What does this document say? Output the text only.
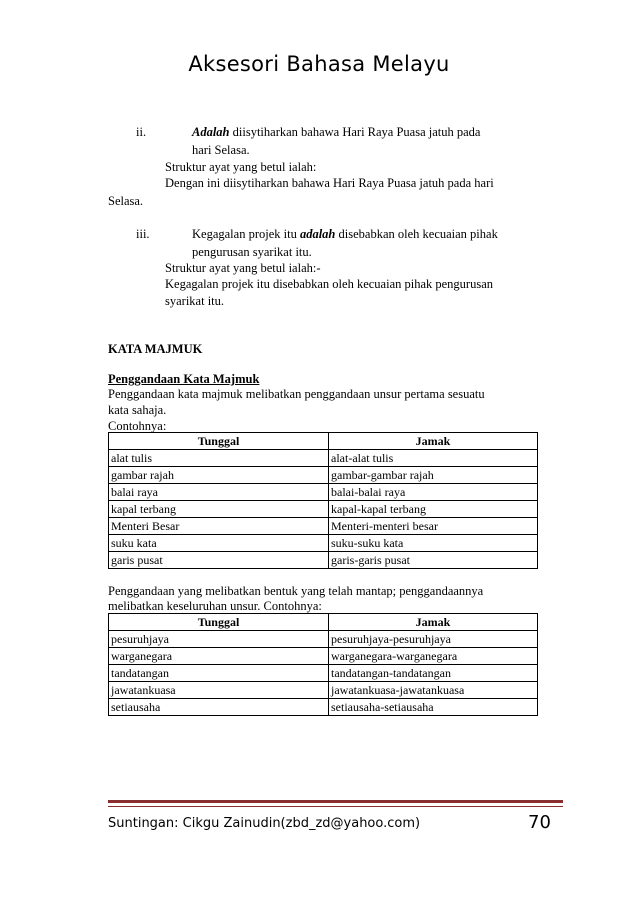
Aksesori Bahasa Melayu
ii.	Adalah diisytiharkan bahawa Hari Raya Puasa jatuh pada
hari Selasa.
Struktur ayat yang betul ialah:
Dengan ini diisytiharkan bahawa Hari Raya Puasa jatuh pada hari
Selasa.
iii.	Kegagalan projek itu adalah disebabkan oleh kecuaian pihak
pengurusan syarikat itu.
Struktur ayat yang betul ialah:-
Kegagalan projek itu disebabkan oleh kecuaian pihak pengurusan
syarikat itu.
KATA MAJMUK
Penggandaan Kata Majmuk
Penggandaan kata majmuk melibatkan penggandaan unsur pertama sesuatu
kata sahaja.
Contohnya:
Tunggal	Jamak
alat tulis	alat-alat tulis
gambar rajah	gambar-gambar rajah
balai raya	balai-balai raya
kapal terbang	kapal-kapal terbang
Menteri Besar	Menteri-menteri besar
suku kata	suku-suku kata
garis pusat	garis-garis pusat
Penggandaan yang melibatkan bentuk yang telah mantap; penggandaannya
melibatkan keseluruhan unsur. Contohnya:
Tunggal	Jamak
pesuruhjaya	pesuruhjaya-pesuruhjaya
warganegara	warganegara-warganegara
tandatangan	tandatangan-tandatangan
jawatankuasa	jawatankuasa-jawatankuasa
setiausaha	setiausaha-setiausaha
Suntingan: Cikgu Zainudin(zbd_zd@yahoo.com)	70
